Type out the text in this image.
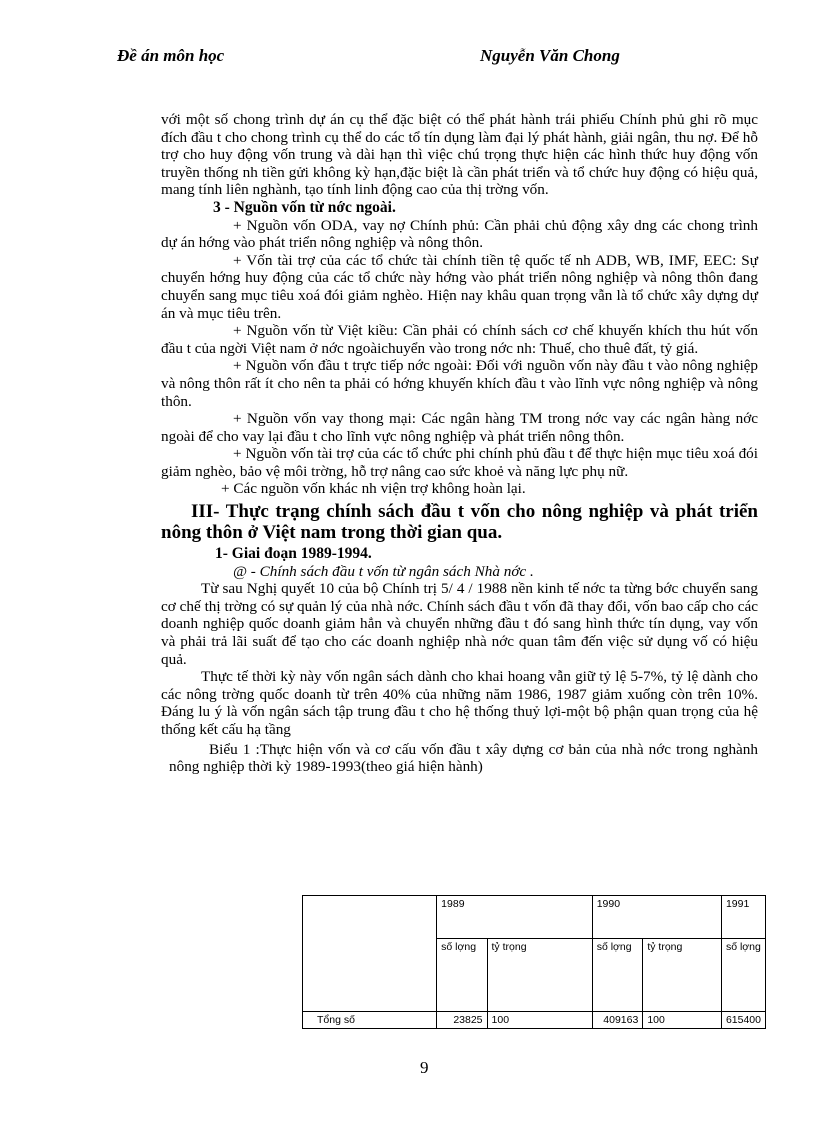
Đề án môn học	Nguyễn Văn Chong

với một số chong trình dự án cụ thể đặc biệt có thể phát hành trái phiếu Chính phủ ghi rõ mục đích đầu t cho chong trình cụ thể do các tổ tín dụng làm đại lý phát hành, giải ngân, thu nợ. Để hỗ trợ cho huy động vốn trung và dài hạn thì việc chú trọng thực hiện các hình thức huy động vốn truyền thống nh tiền gửi không kỳ hạn,đặc biệt là cần phát triển và tổ chức huy động có hiệu quả, mang tính liên nghành, tạo tính linh động cao của thị trờng vốn.

3 - Nguồn vốn từ nớc ngoài.

+ Nguồn vốn ODA, vay nợ Chính phủ: Cần phải chủ động xây dng các chong trình dự án hớng vào phát triển nông nghiệp và nông thôn.

+ Vốn tài trợ của các tổ chức tài chính tiền tệ quốc tế nh ADB, WB, IMF, EEC: Sự chuyển hớng huy động của các tổ chức này hớng vào phát triển nông nghiệp và nông thôn đang chuyển sang mục tiêu xoá đói giảm nghèo. Hiện nay khâu quan trọng vẫn là tổ chức xây dựng dự án và mục tiêu trên.

+ Nguồn vốn từ Việt kiều: Cần phải có chính sách cơ chế khuyến khích thu hút vốn đầu t của ngời Việt nam ở nớc ngoàichuyển vào trong nớc nh: Thuế, cho thuê đất, tỷ giá.

+ Nguồn vốn đầu t trực tiếp nớc ngoài: Đối với nguồn vốn này đầu t vào nông nghiệp và nông thôn rất ít cho nên ta phải có hớng khuyến khích đầu t vào lĩnh vực nông nghiệp và nông thôn.

+ Nguồn vốn vay thong mại: Các ngân hàng TM trong nớc vay các ngân hàng nớc ngoài để cho vay lại đầu t cho lĩnh vực nông nghiệp và phát triển nông thôn.

+ Nguồn vốn tài trợ của các tổ chức phi chính phủ đầu t để thực hiện mục tiêu xoá đói giảm nghèo, bảo vệ môi trờng, hỗ trợ nâng cao sức khoẻ và năng lực phụ nữ.

+ Các nguồn vốn khác nh viện trợ không hoàn lại.

III- Thực trạng chính sách đầu t vốn cho nông nghiệp và phát triển nông thôn ở Việt nam trong thời gian qua.

1- Giai đoạn 1989-1994.

@ - Chính sách đầu t vốn từ ngân sách Nhà nớc .

Từ sau Nghị quyết 10 của bộ Chính trị 5/ 4 / 1988 nền kinh tế nớc ta từng bớc chuyển sang cơ chế thị trờng có sự quản lý của nhà nớc. Chính sách đầu t vốn đã thay đổi, vốn bao cấp cho các doanh nghiệp quốc doanh giảm hẳn và chuyển những đầu t đó sang hình thức tín dụng, vay vốn và phải trả lãi suất để tạo cho các doanh nghiệp nhà nớc quan tâm đến việc sử dụng vố có hiệu quả.

Thực tế thời kỳ này vốn ngân sách dành cho khai hoang vẫn giữ tỷ lệ 5-7%, tỷ lệ dành cho các nông trờng quốc doanh từ trên 40% của những năm 1986, 1987 giảm xuống còn trên 10%. Đáng lu ý là vốn ngân sách tập trung đầu t cho hệ thống thuỷ lợi-một bộ phận quan trọng của hệ thống kết cấu hạ tầng

Biểu 1 :Thực hiện vốn và cơ cấu vốn đầu t xây dựng cơ bản của nhà nớc trong nghành nông nghiệp thời kỳ 1989-1993(theo giá hiện hành)

	1989		1990		1991
	số lợng	tỷ trọng	số lợng	tỷ trọng	số lợng
Tổng số	23825	100	409163	100	615400
9
